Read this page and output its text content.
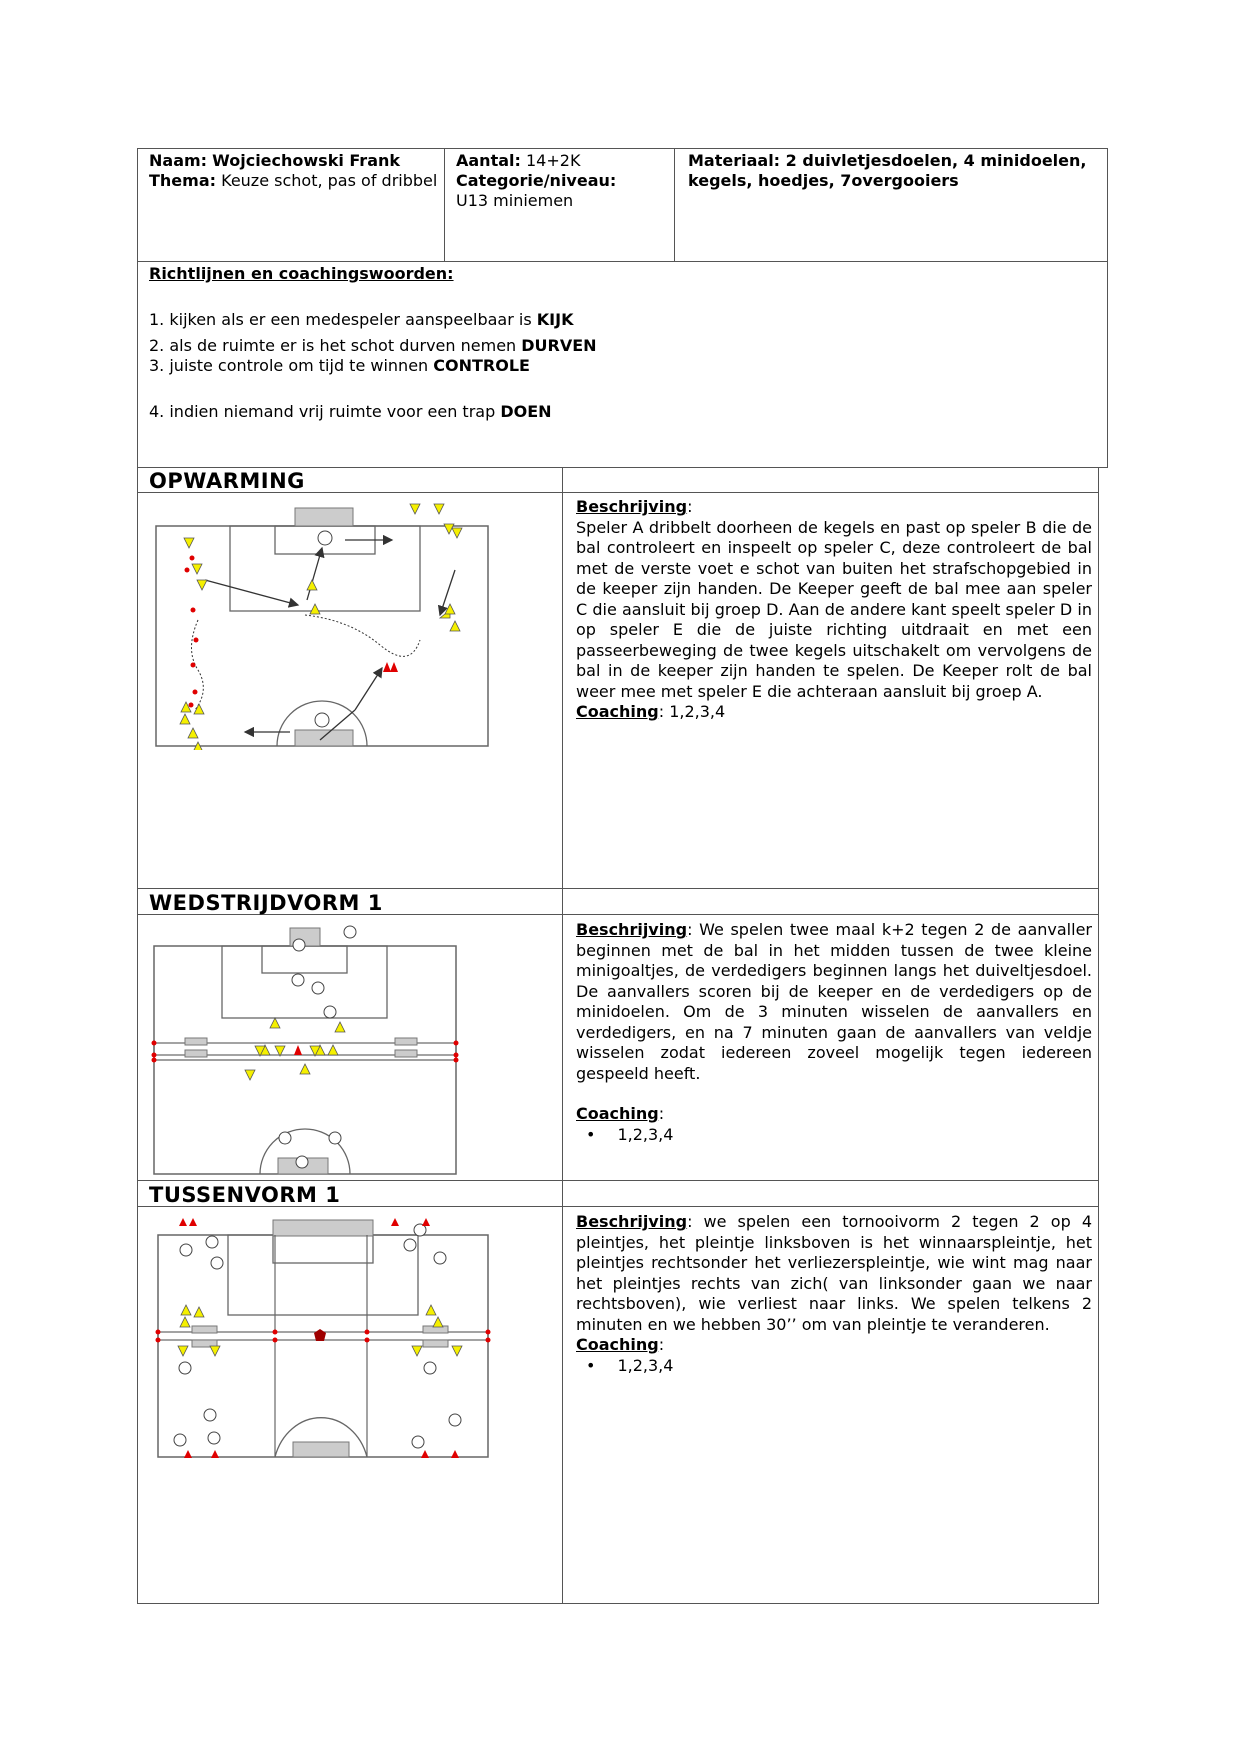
Naam: Wojciechowski Frank
Thema: Keuze schot, pas of dribbel
Aantal: 14+2K
Categorie/niveau:
U13 miniemen
Materiaal: 2 duivletjesdoelen, 4 minidoelen, kegels, hoedjes, 7overgooiers
Richtlijnen en coachingswoorden:
1. kijken als er een medespeler aanspeelbaar is KIJK
2. als de ruimte er is het schot durven nemen DURVEN
3. juiste controle om tijd te winnen CONTROLE
4. indien niemand vrij ruimte voor een trap DOEN
OPWARMING
Beschrijving:
Speler A dribbelt doorheen de kegels en past op speler B die de bal controleert en inspeelt op speler C, deze controleert de bal met de verste voet e schot van buiten het strafschopgebied in de keeper zijn handen. De Keeper geeft de bal mee aan speler C die aansluit bij groep D. Aan de andere kant speelt speler D in op speler E die de juiste richting uitdraait en met een passeerbeweging de twee kegels uitschakelt om vervolgens de bal in de keeper zijn handen te spelen. De Keeper rolt de bal weer mee met speler E die achteraan aansluit bij groep A.
Coaching: 1,2,3,4
WEDSTRIJDVORM 1
Beschrijving: We spelen twee maal k+2 tegen 2 de aanvaller beginnen met de bal in het midden tussen de twee kleine minigoaltjes, de verdedigers beginnen langs het duiveltjesdoel. De aanvallers scoren bij de keeper en de verdedigers op de minidoelen. Om de 3 minuten wisselen de aanvallers en verdedigers, en na 7 minuten gaan de aanvallers van veldje wisselen zodat iedereen zoveel mogelijk tegen iedereen gespeeld heeft.
Coaching:
• 1,2,3,4
TUSSENVORM 1
Beschrijving: we spelen een tornooivorm 2 tegen 2 op 4 pleintjes, het pleintje linksboven is het winnaarspleintje, het pleintjes rechtsonder het verliezerspleintje, wie wint mag naar het pleintjes rechts van zich( van linksonder gaan we naar rechtsboven), wie verliest naar links. We spelen telkens 2 minuten en we hebben 30’’ om van pleintje te veranderen.
Coaching:
• 1,2,3,4
